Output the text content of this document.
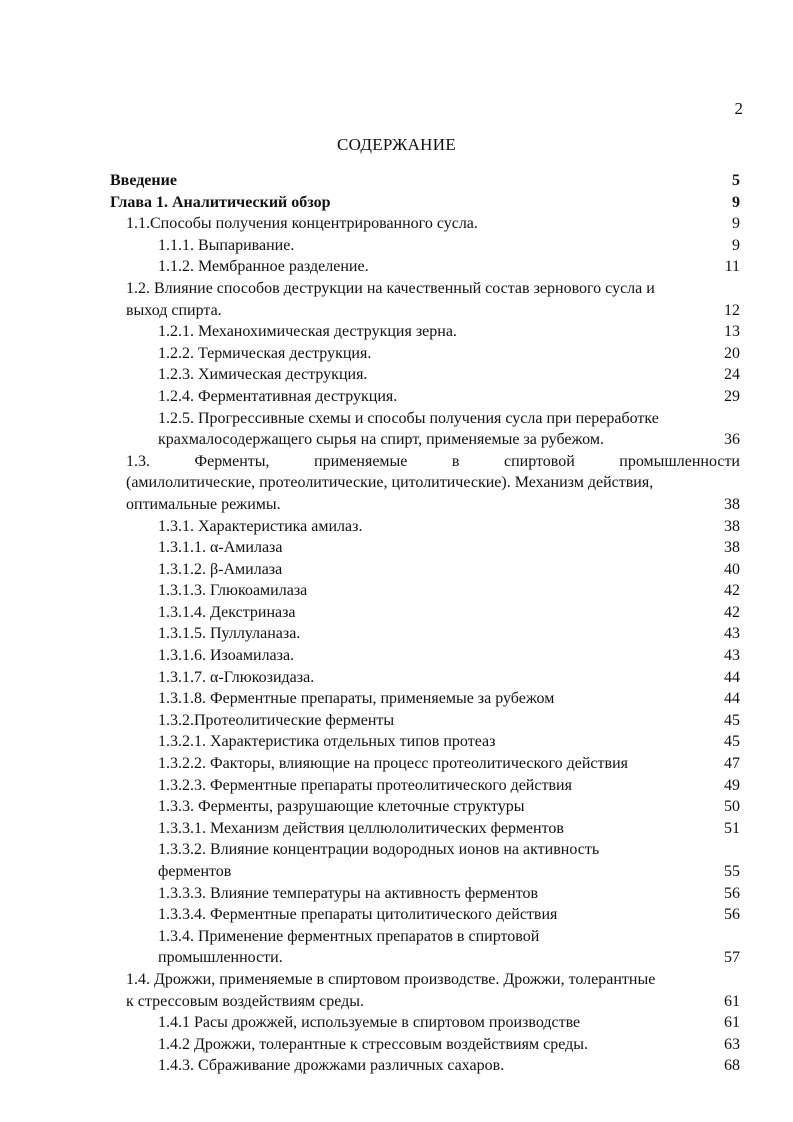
2
СОДЕРЖАНИЕ
Введение	5
Глава 1. Аналитический обзор	9
1.1.Способы получения концентрированного сусла.	9
1.1.1. Выпаривание.	9
1.1.2. Мембранное разделение.	11
1.2. Влияние способов деструкции на качественный состав зернового сусла и
выход спирта.	12
1.2.1. Механохимическая деструкция зерна.	13
1.2.2. Термическая деструкция.	20
1.2.3. Химическая деструкция.	24
1.2.4. Ферментативная деструкция.	29
1.2.5. Прогрессивные схемы и способы получения сусла при переработке
крахмалосодержащего сырья на спирт, применяемые за рубежом.	36
1.3. Ферменты, применяемые в спиртовой промышленности
(амилолитические, протеолитические, цитолитические). Механизм действия,
оптимальные режимы.	38
1.3.1. Характеристика амилаз.	38
1.3.1.1. α-Амилаза	38
1.3.1.2. β-Амилаза	40
1.3.1.3. Глюкоамилаза	42
1.3.1.4. Декстриназа	42
1.3.1.5. Пуллуланаза.	43
1.3.1.6. Изоамилаза.	43
1.3.1.7. α-Глюкозидаза.	44
1.3.1.8. Ферментные препараты, применяемые за рубежом	44
1.3.2.Протеолитические ферменты	45
1.3.2.1. Характеристика отдельных типов протеаз	45
1.3.2.2. Факторы, влияющие на процесс протеолитического действия	47
1.3.2.3. Ферментные препараты протеолитического действия	49
1.3.3. Ферменты, разрушающие клеточные структуры	50
1.3.3.1. Механизм действия целлюлолитических ферментов	51
1.3.3.2. Влияние концентрации водородных ионов на активность
ферментов	55
1.3.3.3. Влияние температуры на активность ферментов	56
1.3.3.4. Ферментные препараты цитолитического действия	56
1.3.4. Применение ферментных препаратов в спиртовой
промышленности.	57
1.4. Дрожжи, применяемые в спиртовом производстве. Дрожжи, толерантные
к стрессовым воздействиям среды.	61
1.4.1 Расы дрожжей, используемые в спиртовом производстве	61
1.4.2 Дрожжи, толерантные к стрессовым воздействиям среды.	63
1.4.3. Сбраживание дрожжами различных сахаров.	68
